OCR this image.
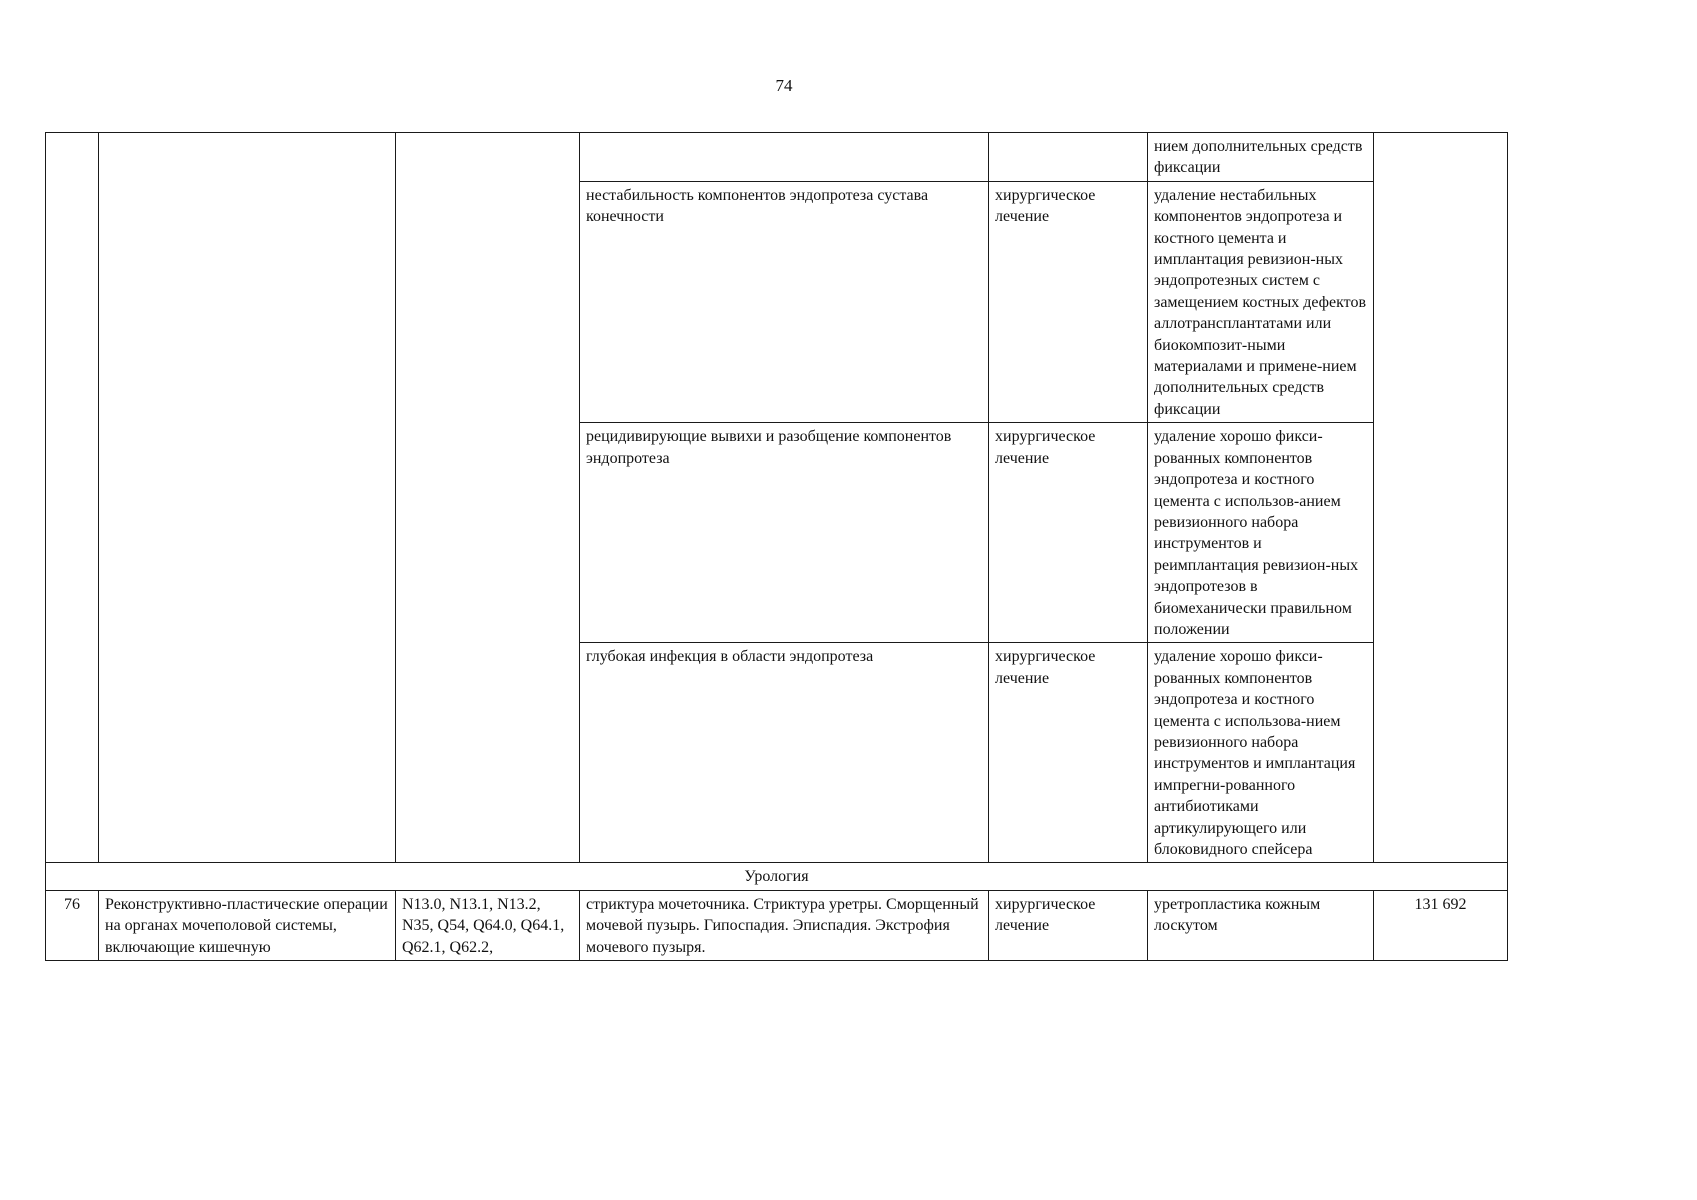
74

					нием дополнительных средств фиксации	

			нестабильность компонентов эндопротеза сустава конечности	хирургическое лечение	удаление нестабильных компонентов эндопротеза и костного цемента и имплантация ревизион-ных эндопротезных систем с замещением костных дефектов аллотрансплантатами или биокомпозит-ными материалами и примене-нием дополнительных средств фиксации	

			рецидивирующие вывихи и разобщение компонентов эндопротеза	хирургическое лечение	удаление хорошо фикси-рованных компонентов эндопротеза и костного цемента с использов-анием ревизионного набора инструментов и реимплантация ревизион-ных эндопротезов в биомеханически правильном положении	

			глубокая инфекция в области эндопротеза	хирургическое лечение	удаление хорошо фикси-рованных компонентов эндопротеза и костного цемента с использова-нием ревизионного набора инструментов и имплантация импрегни-рованного антибиотиками артикулирующего или блоковидного спейсера	

Урология						
76	Реконструктивно-пластические операции на органах мочеполовой системы, включающие кишечную	N13.0, N13.1, N13.2, N35, Q54, Q64.0, Q64.1, Q62.1, Q62.2,	стриктура мочеточника. Стриктура уретры. Сморщенный мочевой пузырь. Гипоспадия. Эписпадия. Экстрофия мочевого пузыря.	хирургическое лечение	уретропластика кожным лоскутом	131 692
